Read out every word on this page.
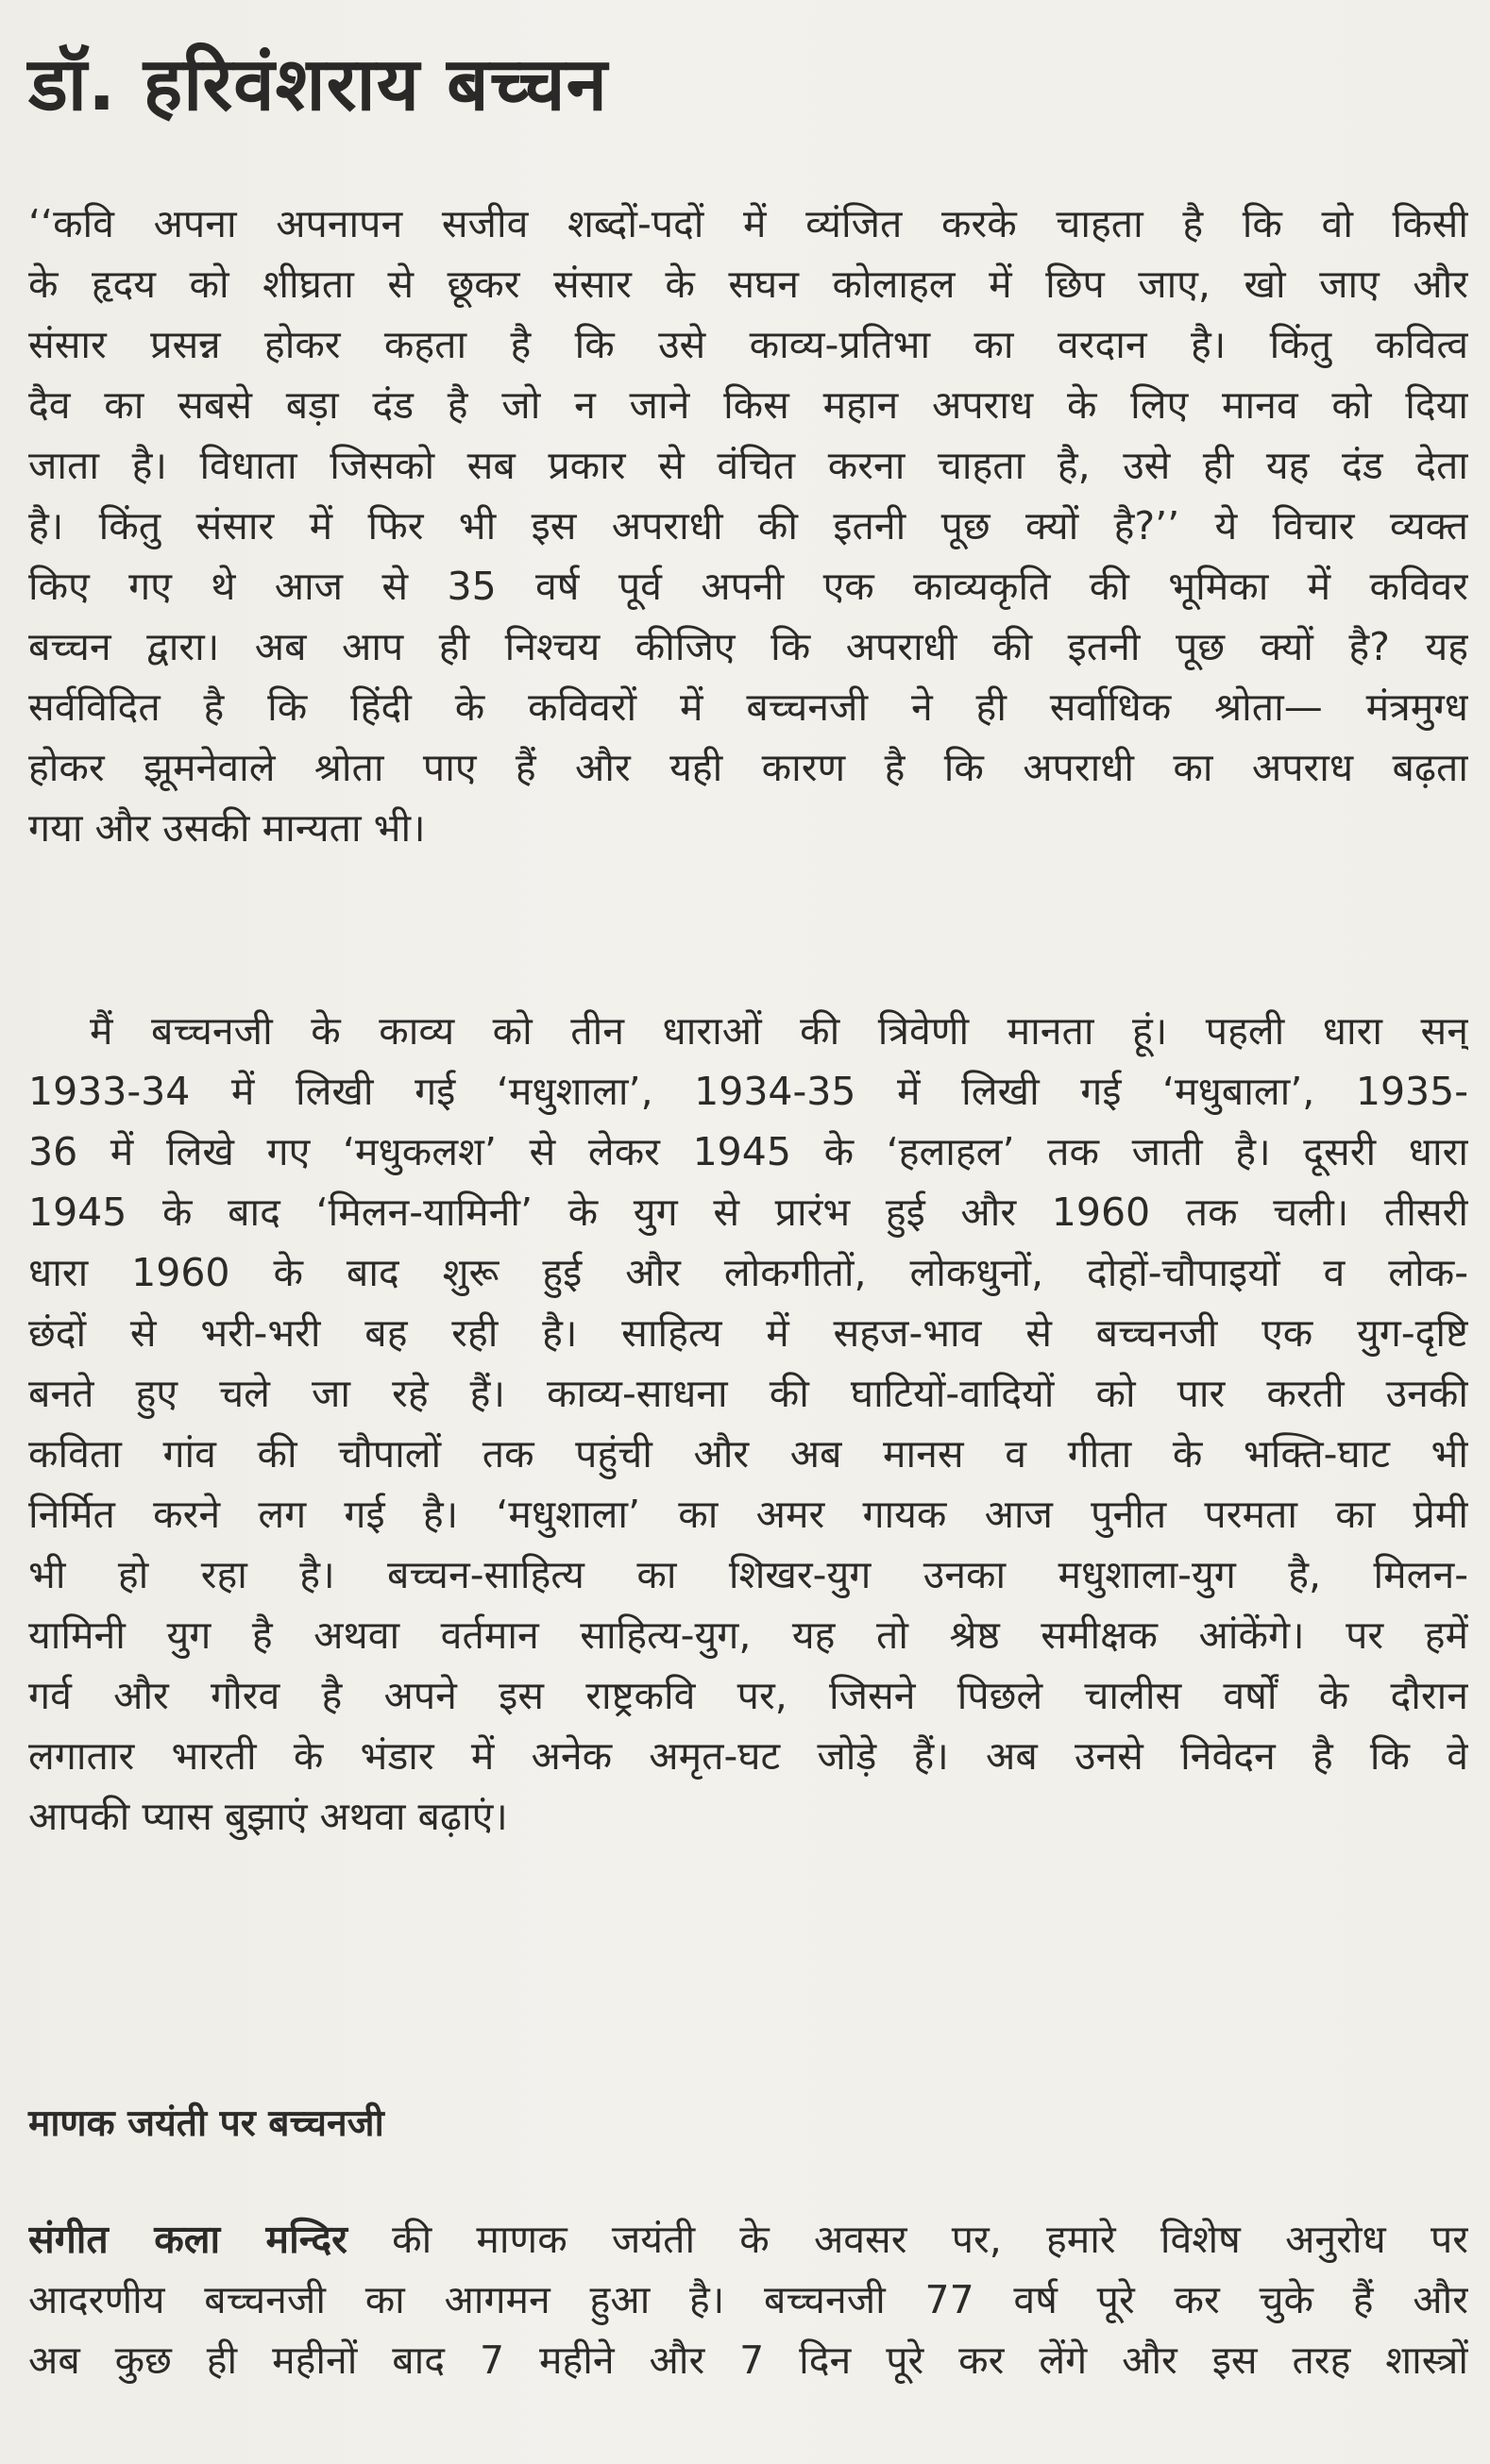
डॉ. हरिवंशराय बच्चन
‘‘कवि अपना अपनापन सजीव शब्दों-पदों में व्यंजित करके चाहता है कि वो किसी
के हृदय को शीघ्रता से छूकर संसार के सघन कोलाहल में छिप जाए, खो जाए और
संसार प्रसन्न होकर कहता है कि उसे काव्य-प्रतिभा का वरदान है। किंतु कवित्व
दैव का सबसे बड़ा दंड है जो न जाने किस महान अपराध के लिए मानव को दिया
जाता है। विधाता जिसको सब प्रकार से वंचित करना चाहता है, उसे ही यह दंड देता
है। किंतु संसार में फिर भी इस अपराधी की इतनी पूछ क्यों है?’’ ये विचार व्यक्त
किए गए थे आज से 35 वर्ष पूर्व अपनी एक काव्यकृति की भूमिका में कविवर
बच्चन द्वारा। अब आप ही निश्चय कीजिए कि अपराधी की इतनी पूछ क्यों है? यह
सर्वविदित है कि हिंदी के कविवरों में बच्चनजी ने ही सर्वाधिक श्रोता— मंत्रमुग्ध
होकर झूमनेवाले श्रोता पाए हैं और यही कारण है कि अपराधी का अपराध बढ़ता
गया और उसकी मान्यता भी।
मैं बच्चनजी के काव्य को तीन धाराओं की त्रिवेणी मानता हूं। पहली धारा सन्
1933-34 में लिखी गई ‘मधुशाला’, 1934-35 में लिखी गई ‘मधुबाला’, 1935-
36 में लिखे गए ‘मधुकलश’ से लेकर 1945 के ‘हलाहल’ तक जाती है। दूसरी धारा
1945 के बाद ‘मिलन-यामिनी’ के युग से प्रारंभ हुई और 1960 तक चली। तीसरी
धारा 1960 के बाद शुरू हुई और लोकगीतों, लोकधुनों, दोहों-चौपाइयों व लोक-
छंदों से भरी-भरी बह रही है। साहित्य में सहज-भाव से बच्चनजी एक युग-दृष्टि
बनते हुए चले जा रहे हैं। काव्य-साधना की घाटियों-वादियों को पार करती उनकी
कविता गांव की चौपालों तक पहुंची और अब मानस व गीता के भक्ति-घाट भी
निर्मित करने लग गई है। ‘मधुशाला’ का अमर गायक आज पुनीत परमता का प्रेमी
भी हो रहा है। बच्चन-साहित्य का शिखर-युग उनका मधुशाला-युग है, मिलन-
यामिनी युग है अथवा वर्तमान साहित्य-युग, यह तो श्रेष्ठ समीक्षक आंकेंगे। पर हमें
गर्व और गौरव है अपने इस राष्ट्रकवि पर, जिसने पिछले चालीस वर्षों के दौरान
लगातार भारती के भंडार में अनेक अमृत-घट जोड़े हैं। अब उनसे निवेदन है कि वे
आपकी प्यास बुझाएं अथवा बढ़ाएं।
माणक जयंती पर बच्चनजी
संगीत कला मन्दिर की माणक जयंती के अवसर पर, हमारे विशेष अनुरोध पर
आदरणीय बच्चनजी का आगमन हुआ है। बच्चनजी 77 वर्ष पूरे कर चुके हैं और
अब कुछ ही महीनों बाद 7 महीने और 7 दिन पूरे कर लेंगे और इस तरह शास्त्रों
